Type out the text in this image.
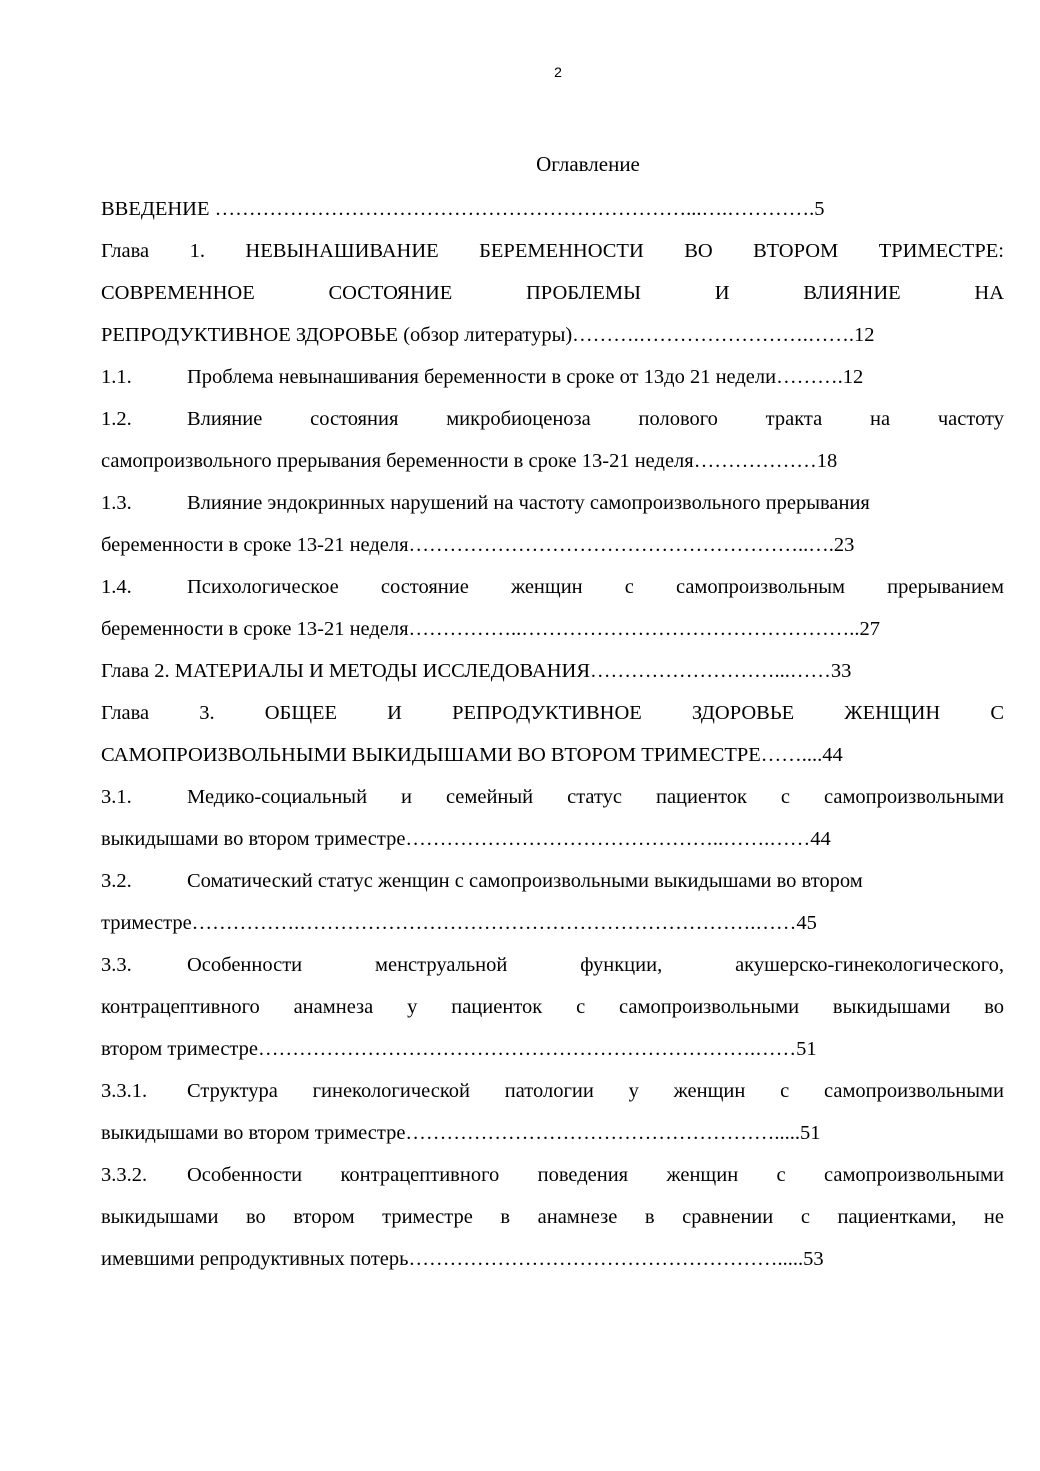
2
Оглавление
ВВЕДЕНИЕ ……………………………………………………………...….………….5
Глава 1. НЕВЫНАШИВАНИЕ БЕРЕМЕННОСТИ ВО ВТОРОМ ТРИМЕСТРЕ:
СОВРЕМЕННОЕ СОСТОЯНИЕ ПРОБЛЕМЫ И ВЛИЯНИЕ НА
РЕПРОДУКТИВНОЕ ЗДОРОВЬЕ (обзор литературы)……….…………………….…….12
1.1.	Проблема невынашивания беременности в сроке от 13до 21 недели……….12
1.2.	Влияние состояния микробиоценоза полового тракта на частоту
самопроизвольного прерывания беременности в сроке 13-21 неделя………………18
1.3.	Влияние эндокринных нарушений на частоту самопроизвольного прерывания
беременности в сроке 13-21 неделя…………………………………………………..….23
1.4.	Психологическое состояние женщин с самопроизвольным прерыванием
беременности в сроке 13-21 неделя……………..…………………………………………..27
Глава 2. МАТЕРИАЛЫ И МЕТОДЫ ИССЛЕДОВАНИЯ………………………...……33
Глава 3. ОБЩЕЕ И РЕПРОДУКТИВНОЕ ЗДОРОВЬЕ ЖЕНЩИН С
САМОПРОИЗВОЛЬНЫМИ ВЫКИДЫШАМИ ВО ВТОРОМ ТРИМЕСТРЕ……....44
3.1.	Медико-социальный и семейный статус пациенток с самопроизвольными
выкидышами во втором триместре………………………………………..…….……44
3.2.	Соматический статус женщин с самопроизвольными выкидышами во втором
триместре…………….………………………………………………………….……45
3.3.	Особенности менструальной функции, акушерско-гинекологического,
контрацептивного анамнеза у пациенток с самопроизвольными выкидышами во
втором триместре……………………………………………………………….……51
3.3.1. Структура гинекологической патологии у женщин с самопроизвольными
выкидышами во втором триместре……………………………………………….....51
3.3.2. Особенности контрацептивного поведения женщин с самопроизвольными
выкидышами во втором триместре в анамнезе в сравнении с пациентками, не
имевшими репродуктивных потерь……………………………………………….....53
